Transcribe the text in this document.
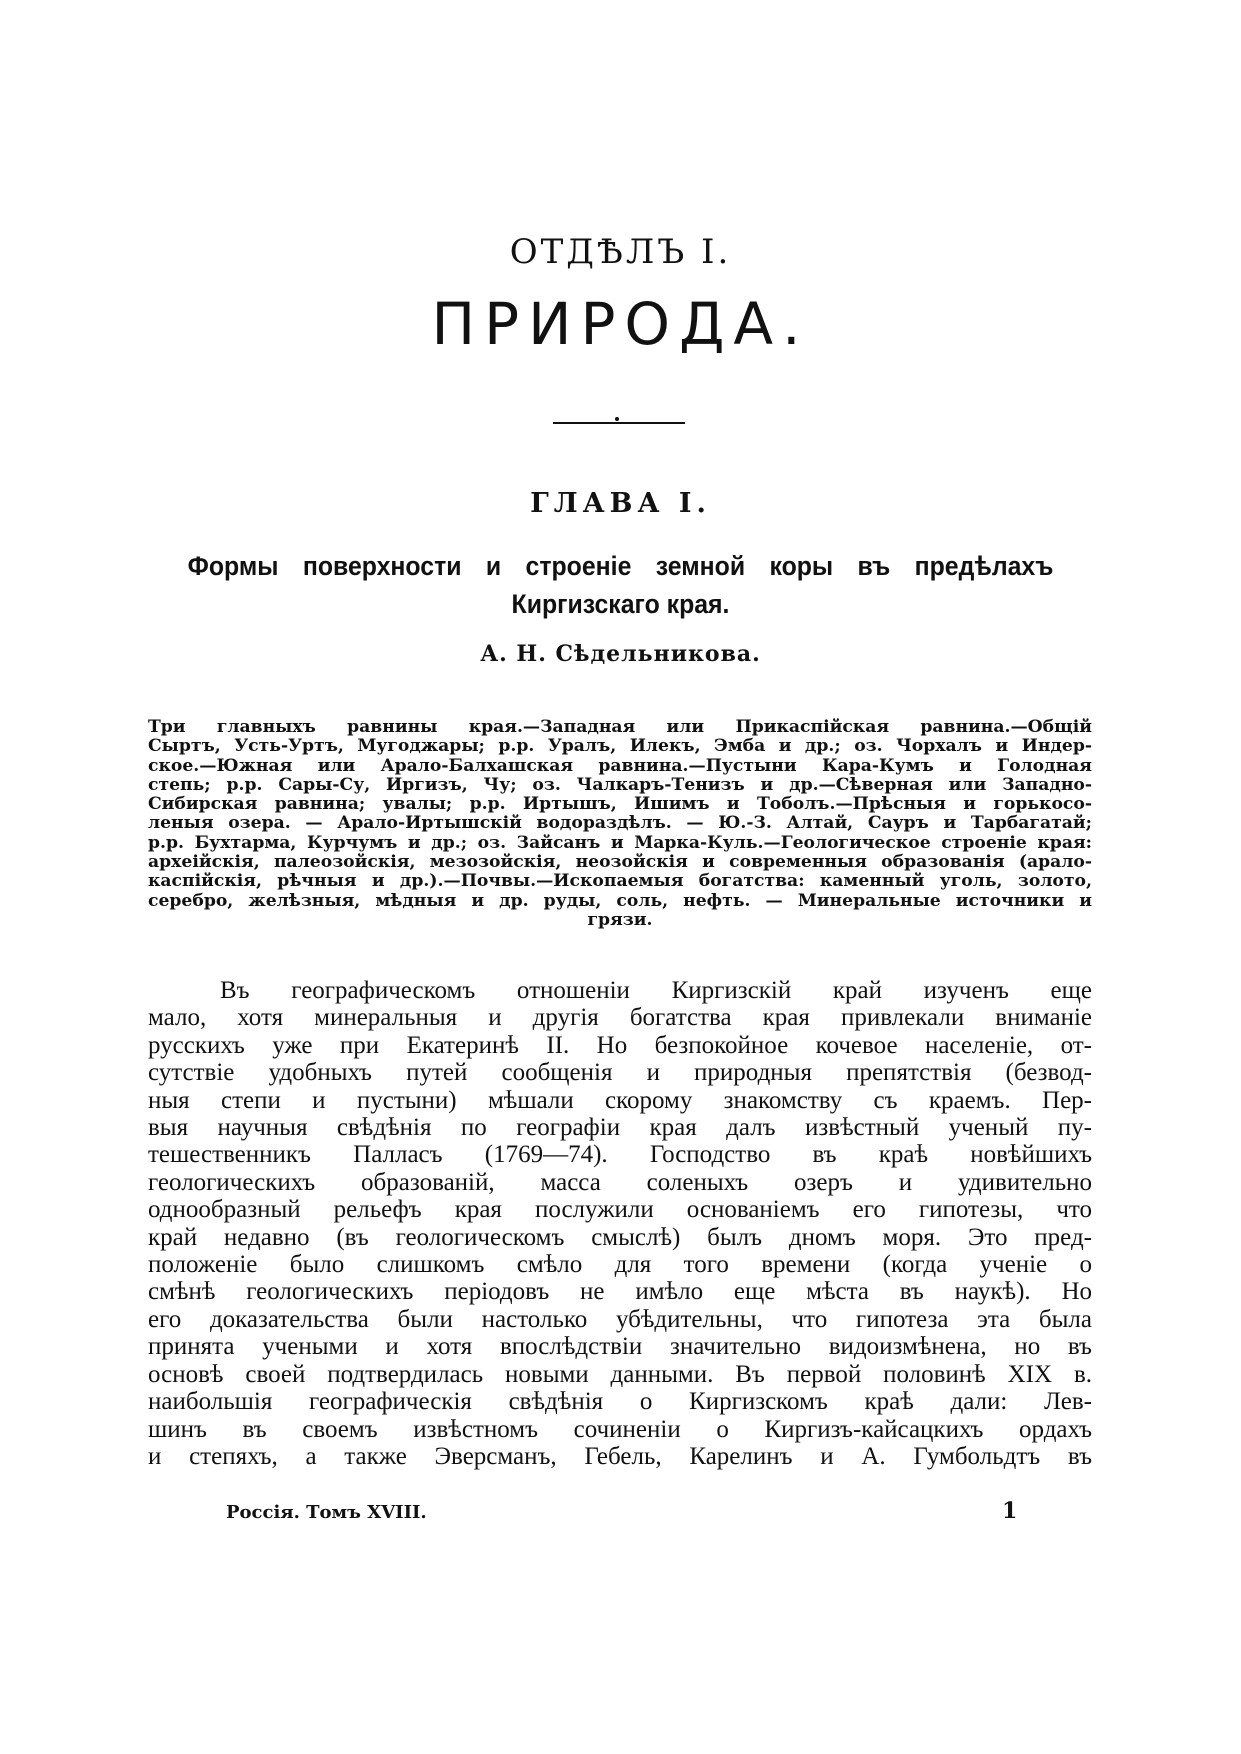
ОТДѢЛЪ I.
ПРИРОДА.
ГЛАВА I.
Формы поверхности и строеніе земной коры въ предѣлахъ Киргизскаго края.
А. Н. Сѣдельникова.
Три главныхъ равнины края.—Западная или Прикаспійская равнина.—Общій
Сыртъ, Усть-Уртъ, Мугоджары; р.р. Уралъ, Илекъ, Эмба и др.; оз. Чорхалъ и Индер-
ское.—Южная или Арало-Балхашская равнина.—Пустыни Кара-Кумъ и Голодная
степь; р.р. Сары-Су, Иргизъ, Чу; оз. Чалкаръ-Тенизъ и др.—Сѣверная или Западно-
Сибирская равнина; увалы; р.р. Иртышъ, Ишимъ и Тоболъ.—Прѣсныя и горькосо-
леныя озера. — Арало-Иртышскій водораздѣлъ. — Ю.-З. Алтай, Сауръ и Тарбагатай;
р.р. Бухтарма, Курчумъ и др.; оз. Зайсанъ и Марка-Куль.—Геологическое строеніе края:
археійскія, палеозойскія, мезозойскія, неозойскія и современныя образованія (арало-
каспійскія, рѣчныя и др.).—Почвы.—Ископаемыя богатства: каменный уголь, золото,
серебро, желѣзныя, мѣдныя и др. руды, соль, нефть. — Минеральные источники и
грязи.
Въ географическомъ отношеніи Киргизскій край изученъ еще
мало, хотя минеральныя и другія богатства края привлекали вниманіе
русскихъ уже при Екатеринѣ II. Но безпокойное кочевое населеніе, от-
сутствіе удобныхъ путей сообщенія и природныя препятствія (безвод-
ныя степи и пустыни) мѣшали скорому знакомству съ краемъ. Пер-
выя научныя свѣдѣнія по географіи края далъ извѣстный ученый пу-
тешественникъ Палласъ (1769—74). Господство въ краѣ новѣйшихъ
геологическихъ образованій, масса соленыхъ озеръ и удивительно
однообразный рельефъ края послужили основаніемъ его гипотезы, что
край недавно (въ геологическомъ смыслѣ) былъ дномъ моря. Это пред-
положеніе было слишкомъ смѣло для того времени (когда ученіе о
смѣнѣ геологическихъ періодовъ не имѣло еще мѣста въ наукѣ). Но
его доказательства были настолько убѣдительны, что гипотеза эта была
принята учеными и хотя впослѣдствіи значительно видоизмѣнена, но въ
основѣ своей подтвердилась новыми данными. Въ первой половинѣ XIX в.
наибольшія географическія свѣдѣнія о Киргизскомъ краѣ дали: Лев-
шинъ въ своемъ извѣстномъ сочиненіи о Киргизъ-кайсацкихъ ордахъ
и степяхъ, а также Эверсманъ, Гебель, Карелинъ и А. Гумбольдтъ въ
Россія. Томъ XVIII.	1
